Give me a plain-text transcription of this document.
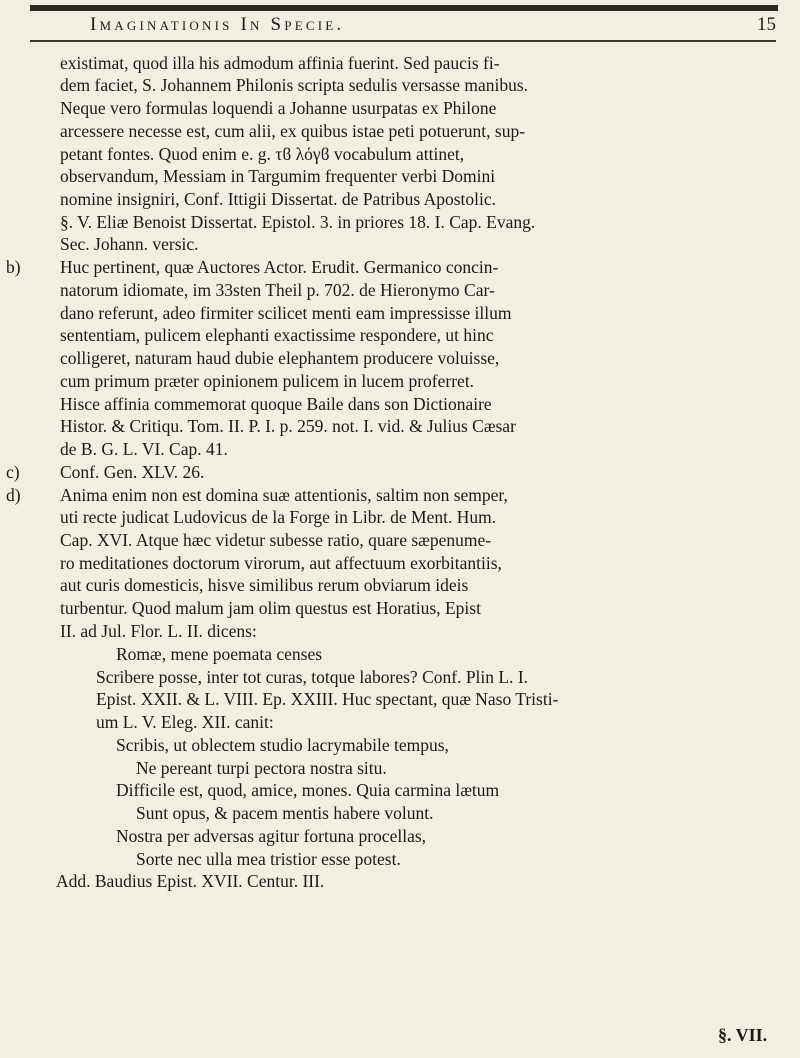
Imaginationis In Specie.	15
existimat, quod illa his admodum affinia fuerint. Sed paucis fi-
dem faciet, S. Johannem Philonis scripta sedulis versasse manibus.
Neque vero formulas loquendi a Johanne usurpatas ex Philone
arcessere necesse est, cum alii, ex quibus istae peti potuerunt, sup-
petant fontes. Quod enim e. g. τϐ λόγϐ vocabulum attinet,
observandum, Messiam in Targumim frequenter verbi Domini
nomine insigniri, Conf. Ittigii Dissertat. de Patribus Apostolic.
§. V. Eliæ Benoist Dissertat. Epistol. 3. in priores 18. I. Cap. Evang.
Sec. Johann. versic.
Huc pertinent, quæ Auctores Actor. Erudit. Germanico concin-
natorum idiomate, im 33sten Theil p. 702. de Hieronymo Car-
dano referunt, adeo firmiter scilicet menti eam impressisse illum
sententiam, pulicem elephanti exactissime respondere, ut hinc
colligeret, naturam haud dubie elephantem producere voluisse,
cum primum præter opinionem pulicem in lucem proferret.
Hisce affinia commemorat quoque Baile dans son Dictionaire
Histor. & Critiqu. Tom. II. P. I. p. 259. not. I. vid. & Julius Cæsar
de B. G. L. VI. Cap. 41.
Conf. Gen. XLV. 26.
Anima enim non est domina suæ attentionis, saltim non semper,
uti recte judicat Ludovicus de la Forge in Libr. de Ment. Hum.
Cap. XVI. Atque hæc videtur subesse ratio, quare sæpenume-
ro meditationes doctorum virorum, aut affectuum exorbitantiis,
aut curis domesticis, hisve similibus rerum obviarum ideis
turbentur. Quod malum jam olim questus est Horatius, Epist
II. ad Jul. Flor. L. II. dicens:
Romæ, mene poemata censes
Scribere posse, inter tot curas, totque labores? Conf. Plin L. I.
Epist. XXII. & L. VIII. Ep. XXIII. Huc spectant, quæ Naso Tristi-
um L. V. Eleg. XII. canit:
Scribis, ut oblectem studio lacrymabile tempus,
Ne pereant turpi pectora nostra situ.
Difficile est, quod, amice, mones. Quia carmina lætum
Sunt opus, & pacem mentis habere volunt.
Nostra per adversas agitur fortuna procellas,
Sorte nec ulla mea tristior esse potest.
Add. Baudius Epist. XVII. Centur. III.
b)
c)
d)
§. VII.
